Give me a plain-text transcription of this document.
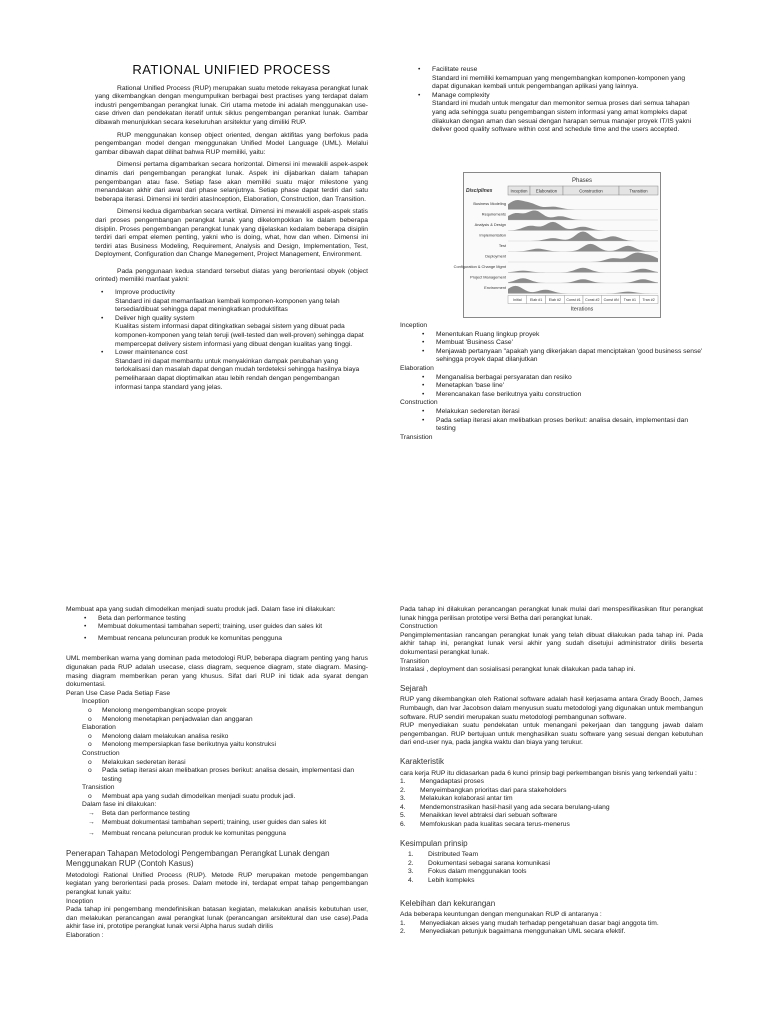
RATIONAL UNIFIED PROCESS

Rational Unified Process (RUP) merupakan suatu metode rekayasa perangkat lunak yang dikembangkan dengan mengumpulkan berbagai best practises yang terdapat dalam industri pengembangan perangkat lunak. Ciri utama metode ini adalah menggunakan use-case driven dan pendekatan iteratif untuk siklus pengembangan perankat lunak. Gambar dibawah menunjukkan secara keseluruhan arsitektur yang dimiliki RUP.

RUP menggunakan konsep object oriented, dengan aktifitas yang berfokus pada pengembangan model dengan menggunakan Unified Model Language (UML). Melalui gambar dibawah dapat dilihat bahwa RUP memiliki, yaitu:

Dimensi pertama digambarkan secara horizontal. Dimensi ini mewakili aspek-aspek dinamis dari pengembangan perangkat lunak. Aspek ini dijabarkan dalam tahapan pengembangan atau fase. Setiap fase akan memiliki suatu major milestone yang menandakan akhir dari awal dari phase selanjutnya. Setiap phase dapat terdiri dari satu beberapa iterasi. Dimensi ini terdiri atasInception, Elaboration, Construction, dan Transition.

Dimensi kedua digambarkan secara vertikal. Dimensi ini mewakili aspek-aspek statis dari proses pengembangan perangkat lunak yang dikelompokkan ke dalam beberapa disiplin. Proses pengembangan perangkat lunak yang dijelaskan kedalam beberapa disiplin terdiri dari empat elemen penting, yakni who is doing, what, how dan when. Dimensi ini terdiri atas Business Modeling, Requirement, Analysis and Design, Implementation, Test, Deployment, Configuration dan Change Manegement, Project Management, Environment.

Pada penggunaan kedua standard tersebut diatas yang berorientasi obyek (object orinted) memiliki manfaat yakni:

• Improve productivity
Standard ini dapat memanfaatkan kembali komponen-komponen yang telah tersedia/dibuat sehingga dapat meningkatkan produktifitas
• Deliver high quality system
Kualitas sistem informasi dapat ditingkatkan sebagai sistem yang dibuat pada komponen-komponen yang telah teruji (well-tested dan well-proven) sehingga dapat mempercepat delivery sistem informasi yang dibuat dengan kualitas yang tinggi.
• Lower maintenance cost
Standard ini dapat membantu untuk menyakinkan dampak perubahan yang terlokalisasi dan masalah dapat dengan mudah terdeteksi sehingga hasilnya biaya pemeliharaan dapat dioptimalkan atau lebih rendah dengan pengembangan informasi tanpa standard yang jelas.
• Facilitate reuse
Standard ini memiliki kemampuan yang mengembangkan komponen-komponen yang dapat digunakan kembali untuk pengembangan aplikasi yang lainnya.
• Manage complexity
Standard ini mudah untuk mengatur dan memonitor semua proses dari semua tahapan yang ada sehingga suatu pengembangan sistem informasi yang amat kompleks dapat dilakukan dengan aman dan sesuai dengan harapan semua manajer proyek IT/IS yakni deliver good quality software within cost and schedule time and the users accepted.
Phases
Disciplines	Inception Elaboration	Construction	Transition
Business Modeling
Requirements
Analysis & Design
Implementation
Test
Deployment
Configuration & Change Mgmt
Project Management
Environment
Initial Elab #1 Elab #2 Const #1 Const #2 Const #N Tran #1 Tran #2
Iterations
Inception
• Menentukan Ruang lingkup proyek
• Membuat 'Business Case'
• Menjawab pertanyaan "apakah yang dikerjakan dapat menciptakan 'good business sense' sehingga proyek dapat dilanjutkan
Elaboration
• Menganalisa berbagai persyaratan dan resiko
• Menetapkan 'base line'
• Merencanakan fase berikutnya yaitu construction
Construction
• Melakukan sederetan iterasi
• Pada setiap iterasi akan melibatkan proses berikut: analisa desain, implementasi dan testing
Transistion

Membuat apa yang sudah dimodelkan menjadi suatu produk jadi. Dalam fase ini dilakukan:

• Beta dan performance testing
• Membuat dokumentasi tambahan seperti; training, user guides dan sales kit
• Membuat rencana peluncuran produk ke komunitas pengguna

UML memberikan warna yang dominan pada metodologi RUP, beberapa diagram penting yang harus digunakan pada RUP adalah usecase, class diagram, sequence diagram, state diagram. Masing-masing diagram memberikan peran yang khusus. Sifat dari RUP ini tidak ada syarat dengan dokumentasi.

Peran Use Case Pada Setiap Fase
Inception
o Menolong mengembangkan scope proyek
o Menolong menetapkan penjadwalan dan anggaran
Elaboration
o Menolong dalam melakukan analisa resiko
o Menolong mempersiapkan fase berikutnya yaitu konstruksi
Construction
o Melakukan sederetan iterasi
o Pada setiap iterasi akan melibatkan proses berikut: analisa desain, implementasi dan testing
Transistion
o Membuat apa yang sudah dimodelkan menjadi suatu produk jadi.
Dalam fase ini dilakukan:
→ Beta dan performance testing
→ Membuat dokumentasi tambahan seperti; training, user guides dan sales kit
→ Membuat rencana peluncuran produk ke komunitas pengguna
Penerapan Tahapan Metodologi Pengembangan Perangkat Lunak dengan Menggunakan RUP (Contoh Kasus)

Metodologi Rational Unified Process (RUP). Metode RUP merupakan metode pengembangan kegiatan yang berorientasi pada proses. Dalam metode ini, terdapat empat tahap pengembangan perangkat lunak yaitu:

Inception

Pada tahap ini pengembang mendefinisikan batasan kegiatan, melakukan analisis kebutuhan user, dan melakukan perancangan awal perangkat lunak (perancangan arsitektural dan use case).Pada akhir fase ini, prototipe perangkat lunak versi Alpha harus sudah dirilis

Elaboration :

Pada tahap ini dilakukan perancangan perangkat lunak mulai dari menspesifikasikan fitur perangkat lunak hingga perilisan prototipe versi Betha dari perangkat lunak.

Construction

Pengimplementasian rancangan perangkat lunak yang telah dibuat dilakukan pada tahap ini. Pada akhir tahap ini, perangkat lunak versi akhir yang sudah disetujui administrator dirilis beserta dokumentasi perangkat lunak.

Transition

Instalasi , deployment dan sosialisasi perangkat lunak dilakukan pada tahap ini.

Sejarah

RUP yang dikembangkan oleh Rational software adalah hasil kerjasama antara Grady Booch, James Rumbaugh, dan Ivar Jacobson dalam menyusun suatu metodologi yang digunakan untuk membangun software. RUP sendiri merupakan suatu metodologi pembangunan software.

RUP menyediakan suatu pendekatan untuk menangani pekerjaan dan tanggung jawab dalam pengembangan. RUP bertujuan untuk menghasilkan suatu software yang sesuai dengan kebutuhan dari end-user nya, pada jangka waktu dan biaya yang terukur.

Karakteristik

cara kerja RUP itu didasarkan pada 6 kunci prinsip bagi perkembangan bisnis yang terkendali yaitu :

1. Mengadaptasi proses
2. Menyeimbangkan prioritas dari para stakeholders
3. Melakukan kolaborasi antar tim
4. Mendemonstrasikan hasil-hasil yang ada secara berulang-ulang
5. Menaikkan level abtraksi dari sebuah software
6. Memfokuskan pada kualitas secara terus-menerus
Kesimpulan prinsip
1. Distributed Team
2. Dokumentasi sebagai sarana komunikasi
3. Fokus dalam menggunakan tools
4. Lebih kompleks
Kelebihan dan kekurangan

Ada beberapa keuntungan dengan mengunakan RUP di antaranya :

1. Menyediakan akses yang mudah terhadap pengetahuan dasar bagi anggota tim.
2. Menyediakan petunjuk bagaimana menggunakan UML secara efektif.
